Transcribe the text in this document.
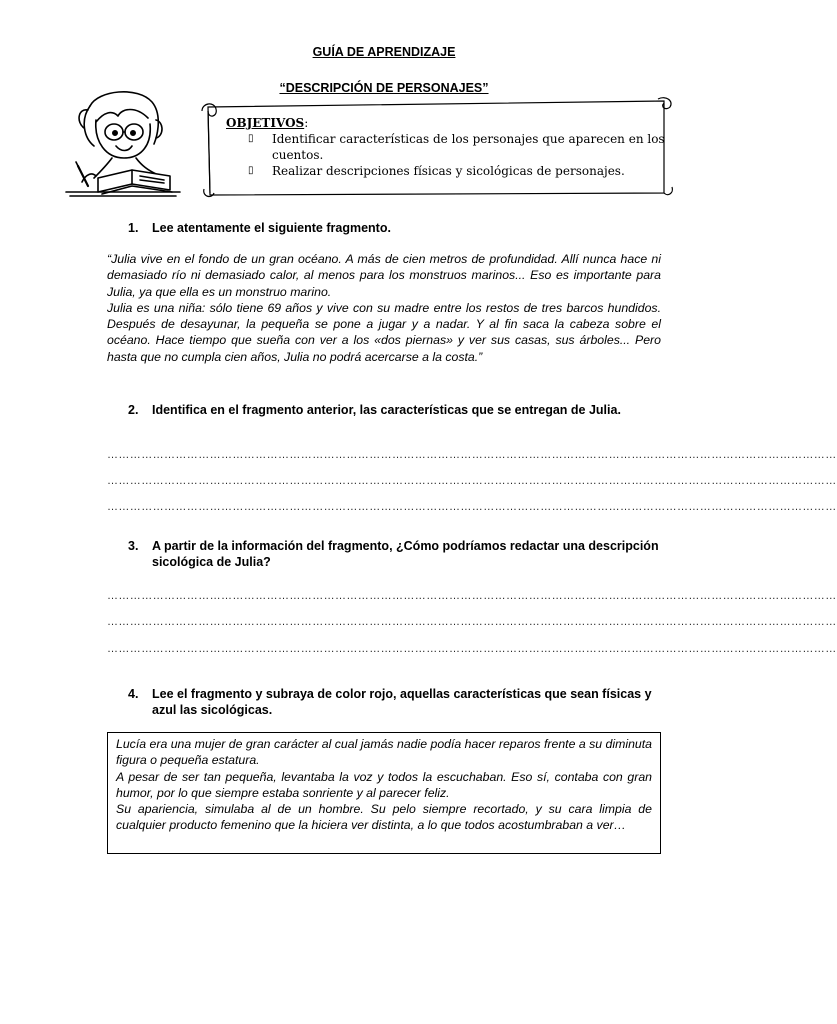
GUÍA DE APRENDIZAJE
“DESCRIPCIÓN DE PERSONAJES”
OBJETIVOS:
▯ Identificar características de los personajes que aparecen en los cuentos.
▯ Realizar descripciones físicas y sicológicas de personajes.
1.	Lee atentamente el siguiente fragmento.
“Julia vive en el fondo de un gran océano. A más de cien metros de profundidad. Allí nunca hace ni demasiado río ni demasiado calor, al menos para los monstruos marinos... Eso es importante para Julia, ya que ella es un monstruo marino.
Julia es una niña: sólo tiene 69 años y vive con su madre entre los restos de tres barcos hundidos. Después de desayunar, la pequeña se pone a jugar y a nadar. Y al fin saca la cabeza sobre el océano. Hace tiempo que sueña con ver a los «dos piernas» y ver sus casas, sus árboles... Pero hasta que no cumpla cien años, Julia no podrá acercarse a la costa.”
2.	Identifica en el fragmento anterior, las características que se entregan de Julia.
…………………………………………………………………………………………………………………………………………………………………………
…………………………………………………………………………………………………………………………………………………………………………
…………………………………………………………………………………………………………………………………………………………………………
3.	A partir de la información del fragmento, ¿Cómo podríamos redactar una descripción sicológica de Julia?
…………………………………………………………………………………………………………………………………………………………………………
…………………………………………………………………………………………………………………………………………………………………………
…………………………………………………………………………………………………………………………………………………………………………
4.	Lee el fragmento y subraya de color rojo, aquellas características que sean físicas y azul las sicológicas.
Lucía era una mujer de gran carácter al cual jamás nadie podía hacer reparos frente a su diminuta figura o pequeña estatura.
A pesar de ser tan pequeña, levantaba la voz y todos la escuchaban. Eso sí, contaba con gran humor, por lo que siempre estaba sonriente y al parecer feliz.
Su apariencia, simulaba al de un hombre. Su pelo siempre recortado, y su cara limpia de cualquier producto femenino que la hiciera ver distinta, a lo que todos acostumbraban a ver…
